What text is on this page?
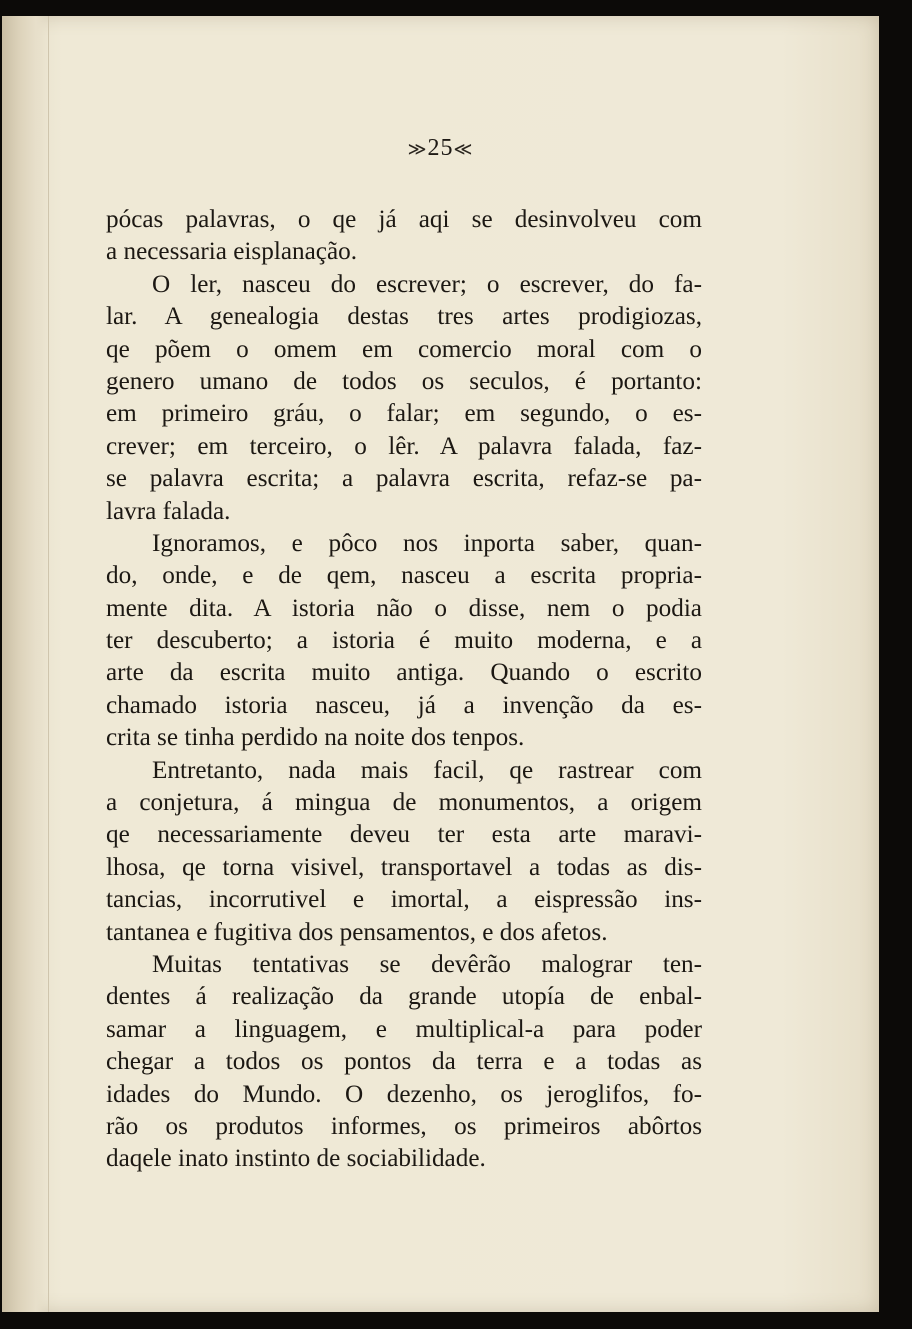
≫25≪
pócas palavras, o qe já aqi se desinvolveu com
a necessaria eisplanação.
O ler, nasceu do escrever; o escrever, do fa-
lar. A genealogia destas tres artes prodigiozas,
qe põem o omem em comercio moral com o
genero umano de todos os seculos, é portanto:
em primeiro gráu, o falar; em segundo, o es-
crever; em terceiro, o lêr. A palavra falada, faz-
se palavra escrita; a palavra escrita, refaz-se pa-
lavra falada.
Ignoramos, e pôco nos inporta saber, quan-
do, onde, e de qem, nasceu a escrita propria-
mente dita. A istoria não o disse, nem o podia
ter descuberto; a istoria é muito moderna, e a
arte da escrita muito antiga. Quando o escrito
chamado istoria nasceu, já a invenção da es-
crita se tinha perdido na noite dos tenpos.
Entretanto, nada mais facil, qe rastrear com
a conjetura, á mingua de monumentos, a origem
qe necessariamente deveu ter esta arte maravi-
lhosa, qe torna visivel, transportavel a todas as dis-
tancias, incorrutivel e imortal, a eispressão ins-
tantanea e fugitiva dos pensamentos, e dos afetos.
Muitas tentativas se devêrão malograr ten-
dentes á realização da grande utopía de enbal-
samar a linguagem, e multiplical-a para poder
chegar a todos os pontos da terra e a todas as
idades do Mundo. O dezenho, os jeroglifos, fo-
rão os produtos informes, os primeiros abôrtos
daqele inato instinto de sociabilidade.
